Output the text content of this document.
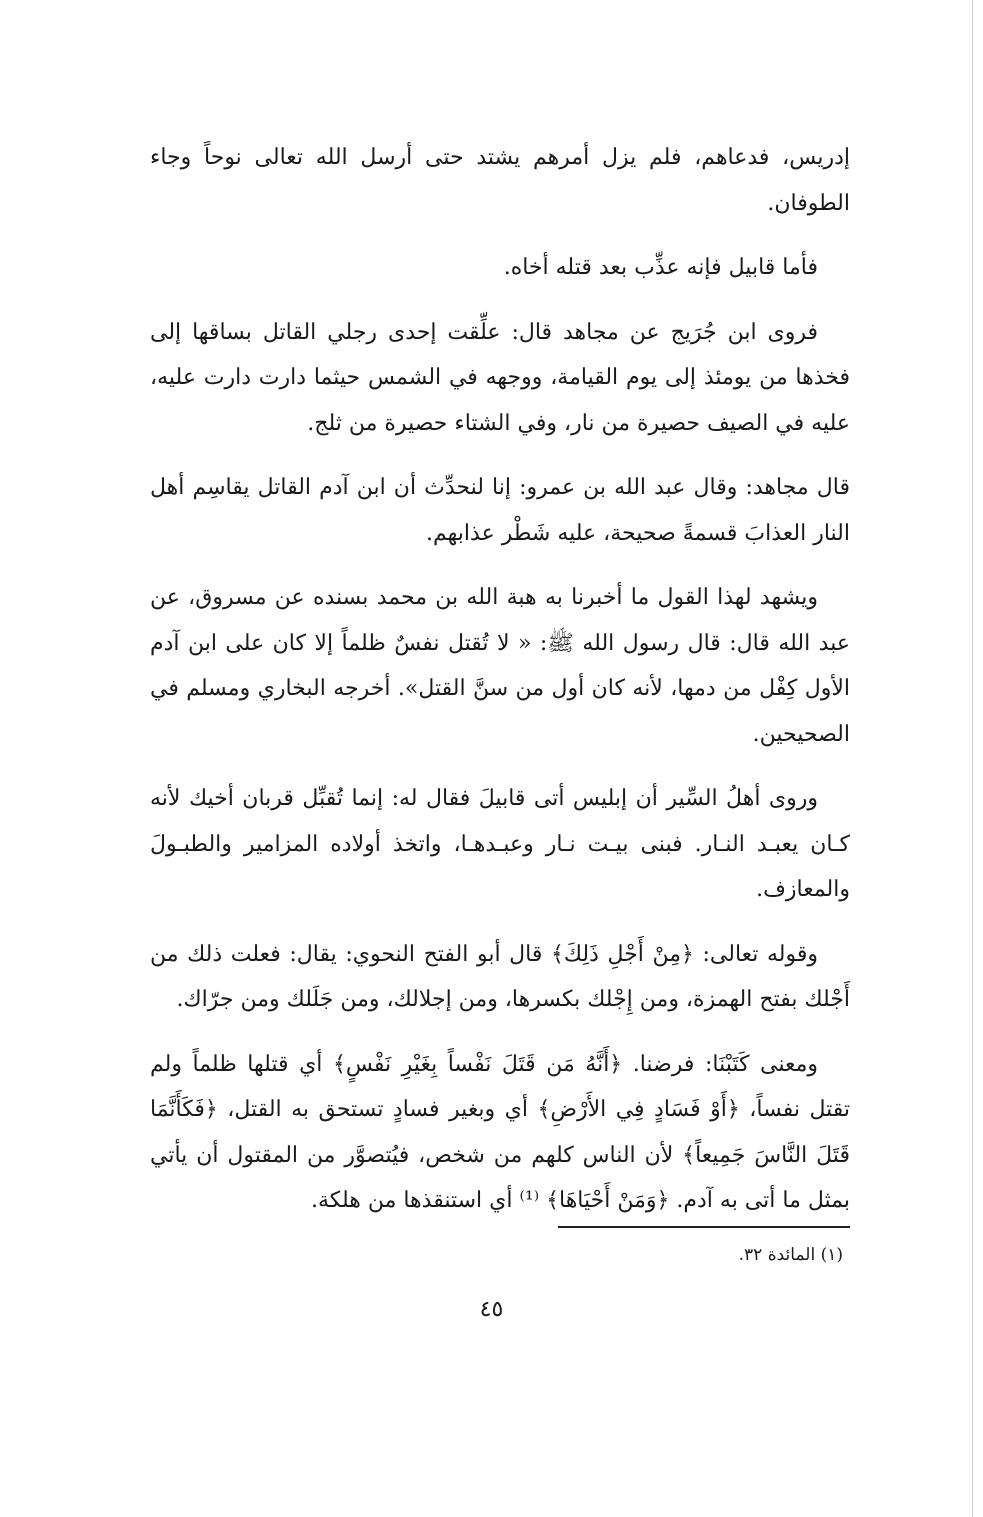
إدريس، فدعاهم، فلم يزل أمرهم يشتد حتى أرسل الله تعالى نوحاً وجاء الطوفان.

فأما قابيل فإنه عذِّب بعد قتله أخاه.

فروى ابن جُرَيج عن مجاهد قال: علِّقت إحدى رجلي القاتل بساقها إلى فخذها من يومئذ إلى يوم القيامة، ووجهه في الشمس حيثما دارت دارت عليه، عليه في الصيف حصيرة من نار، وفي الشتاء حصيرة من ثلج.

قال مجاهد: وقال عبد الله بن عمرو: إنا لنحدِّث أن ابن آدم القاتل يقاسِم أهل النار العذابَ قسمةً صحيحة، عليه شَطْر عذابهم.

ويشهد لهذا القول ما أخبرنا به هبة الله بن محمد بسنده عن مسروق، عن عبد الله قال: قال رسول الله ﷺ: « لا تُقتل نفسٌ ظلماً إلا كان على ابن آدم الأول كِفْل من دمها، لأنه كان أول من سنَّ القتل». أخرجه البخاري ومسلم في الصحيحين.

وروى أهلُ السِّير أن إبليس أتى قابيلَ فقال له: إنما تُقبِّل قربان أخيك لأنه كـان يعبـد النـار. فبنى بيـت نـار وعبـدهـا، واتخذ أولاده المزامير والطبـولَ والمعازف.

وقوله تعالى: ﴿مِنْ أَجْلِ ذَلِكَ﴾ قال أبو الفتح النحوي: يقال: فعلت ذلك من أَجْلك بفتح الهمزة، ومن إِجْلك بكسرها، ومن إجلالك، ومن جَلَلك ومن جرّاك.

ومعنى كَتَبْنَا: فرضنا. ﴿أَنَّهُ مَن قَتَلَ نَفْساً بِغَيْرِ نَفْسٍ﴾ أي قتلها ظلماً ولم تقتل نفساً، ﴿أَوْ فَسَادٍ فِي الأَرْضِ﴾ أي وبغير فسادٍ تستحق به القتل، ﴿فَكَأَنَّمَا قَتَلَ النَّاسَ جَمِيعاً﴾ لأن الناس كلهم من شخص، فيُتصوَّر من المقتول أن يأتي بمثل ما أتى به آدم. ﴿وَمَنْ أَحْيَاهَا﴾ ⁽¹⁾ أي استنقذها من هلكة.

(١) المائدة ٣٢.
٤٥
